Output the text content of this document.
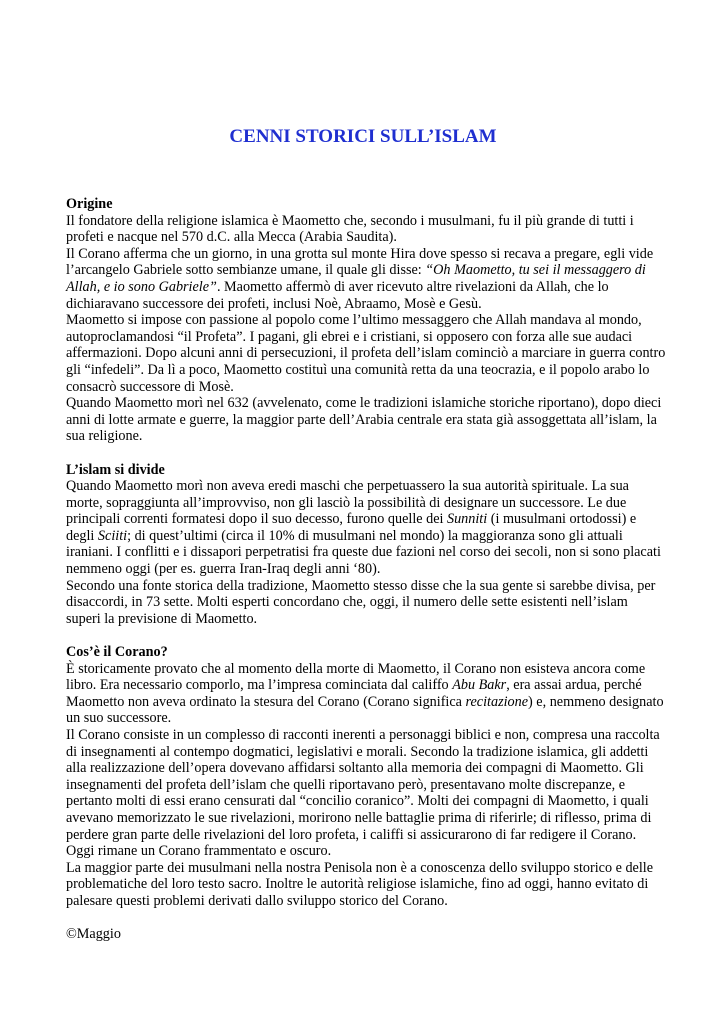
CENNI STORICI SULL’ISLAM
Origine
Il fondatore della religione islamica è Maometto che, secondo i musulmani, fu il più grande di tutti i profeti e nacque nel 570 d.C. alla Mecca (Arabia Saudita).
Il Corano afferma che un giorno, in una grotta sul monte Hira dove spesso si recava a pregare, egli vide l’arcangelo Gabriele sotto sembianze umane, il quale gli disse: “Oh Maometto, tu sei il messaggero di Allah, e io sono Gabriele”. Maometto affermò di aver ricevuto altre rivelazioni da Allah, che lo dichiaravano successore dei profeti, inclusi Noè, Abraamo, Mosè e Gesù.
Maometto si impose con passione al popolo come l’ultimo messaggero che Allah mandava al mondo, autoproclamandosi “il Profeta”. I pagani, gli ebrei e i cristiani, si opposero con forza alle sue audaci affermazioni. Dopo alcuni anni di persecuzioni, il profeta dell’islam cominciò a marciare in guerra contro gli “infedeli”. Da lì a poco, Maometto costituì una comunità retta da una teocrazia, e il popolo arabo lo consacrò successore di Mosè.
Quando Maometto morì nel 632 (avvelenato, come le tradizioni islamiche storiche riportano), dopo dieci anni di lotte armate e guerre, la maggior parte dell’Arabia centrale era stata già assoggettata all’islam, la sua religione.
L’islam si divide
Quando Maometto morì non aveva eredi maschi che perpetuassero la sua autorità spirituale. La sua morte, sopraggiunta all’improvviso, non gli lasciò la possibilità di designare un successore. Le due principali correnti formatesi dopo il suo decesso, furono quelle dei Sunniti (i musulmani ortodossi) e degli Sciiti; di quest’ultimi (circa il 10% di musulmani nel mondo) la maggioranza sono gli attuali iraniani. I conflitti e i dissapori perpetratisi fra queste due fazioni nel corso dei secoli, non si sono placati nemmeno oggi (per es. guerra Iran-Iraq degli anni ‘80).
Secondo una fonte storica della tradizione, Maometto stesso disse che la sua gente si sarebbe divisa, per disaccordi, in 73 sette. Molti esperti concordano che, oggi, il numero delle sette esistenti nell’islam superi la previsione di Maometto.
Cos’è il Corano?
È storicamente provato che al momento della morte di Maometto, il Corano non esisteva ancora come libro. Era necessario comporlo, ma l’impresa cominciata dal califfo Abu Bakr, era assai ardua, perché Maometto non aveva ordinato la stesura del Corano (Corano significa recitazione) e, nemmeno designato un suo successore.
Il Corano consiste in un complesso di racconti inerenti a personaggi biblici e non, compresa una raccolta di insegnamenti al contempo dogmatici, legislativi e morali. Secondo la tradizione islamica, gli addetti alla realizzazione dell’opera dovevano affidarsi soltanto alla memoria dei compagni di Maometto. Gli insegnamenti del profeta dell’islam che quelli riportavano però, presentavano molte discrepanze, e pertanto molti di essi erano censurati dal “concilio coranico”. Molti dei compagni di Maometto, i quali avevano memorizzato le sue rivelazioni, morirono nelle battaglie prima di riferirle; di riflesso, prima di perdere gran parte delle rivelazioni del loro profeta, i califfi si assicurarono di far redigere il Corano. Oggi rimane un Corano frammentato e oscuro.
La maggior parte dei musulmani nella nostra Penisola non è a conoscenza dello sviluppo storico e delle problematiche del loro testo sacro. Inoltre le autorità religiose islamiche, fino ad oggi, hanno evitato di palesare questi problemi derivati dallo sviluppo storico del Corano.
©Maggio
